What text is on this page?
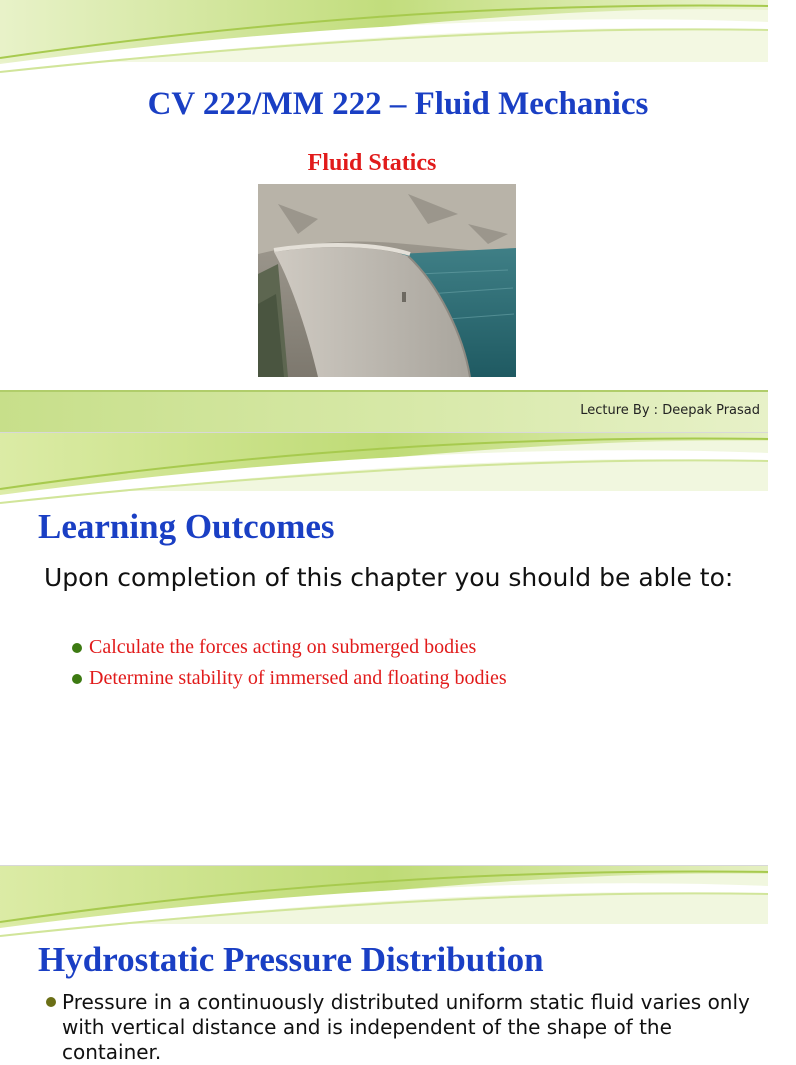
CV 222/MM 222 – Fluid Mechanics
Fluid Statics
Lecture By : Deepak Prasad
Learning Outcomes
Upon completion of this chapter you should be able to:
Calculate the forces acting on submerged bodies
Determine stability of immersed and floating bodies
Hydrostatic Pressure Distribution
Pressure in a continuously distributed uniform static fluid varies only with vertical distance and is independent of the shape of the container.
